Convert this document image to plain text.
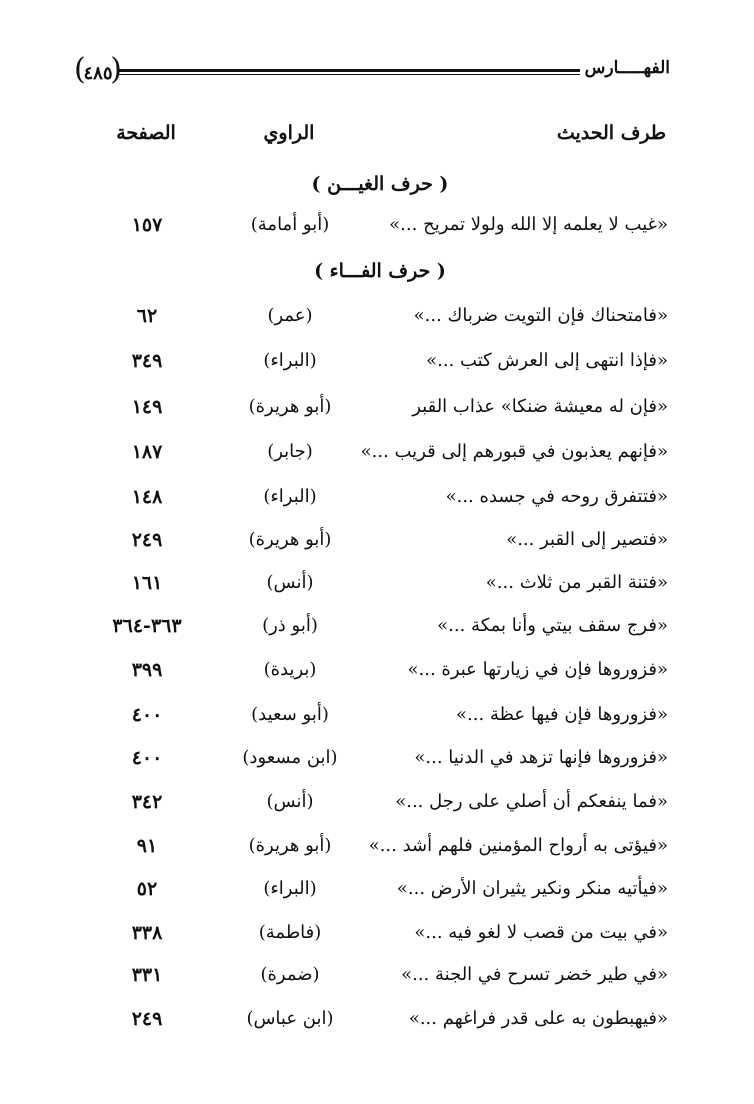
( ٤٨٥ )	الفهـــــارس
طرف الحديث
الراوي
الصفحة
( حرف الغيـــن )
«غيب لا يعلمه إلا الله ولولا تمريح ...»
(أبو أمامة)
١٥٧
( حرف الفـــاء )
«فامتحناك فإن التويت ضرباك ...»
(عمر)
٦٢
«فإذا انتهى إلى العرش كتب ...»
(البراء)
٣٤٩
«فإن له معيشة ضنكا» عذاب القبر
(أبو هريرة)
١٤٩
«فإنهم يعذبون في قبورهم إلى قريب ...»
(جابر)
١٨٧
«فتتفرق روحه في جسده ...»
(البراء)
١٤٨
«فتصير إلى القبر ...»
(أبو هريرة)
٢٤٩
«فتنة القبر من ثلاث ...»
(أنس)
١٦١
«فرج سقف بيتي وأنا بمكة ...»
(أبو ذر)
٣٦٣-٣٦٤
«فزوروها فإن في زيارتها عبرة ...»
(بريدة)
٣٩٩
«فزوروها فإن فيها عظة ...»
(أبو سعيد)
٤٠٠
«فزوروها فإنها تزهد في الدنيا ...»
(ابن مسعود)
٤٠٠
«فما ينفعكم أن أصلي على رجل ...»
(أنس)
٣٤٢
«فيؤتى به أرواح المؤمنين فلهم أشد ...»
(أبو هريرة)
٩١
«فيأتيه منكر ونكير يثيران الأرض ...»
(البراء)
٥٢
«في بيت من قصب لا لغو فيه ...»
(فاطمة)
٣٣٨
«في طير خضر تسرح في الجنة ...»
(ضمرة)
٣٣١
«فيهبطون به على قدر فراغهم ...»
(ابن عباس)
٢٤٩
